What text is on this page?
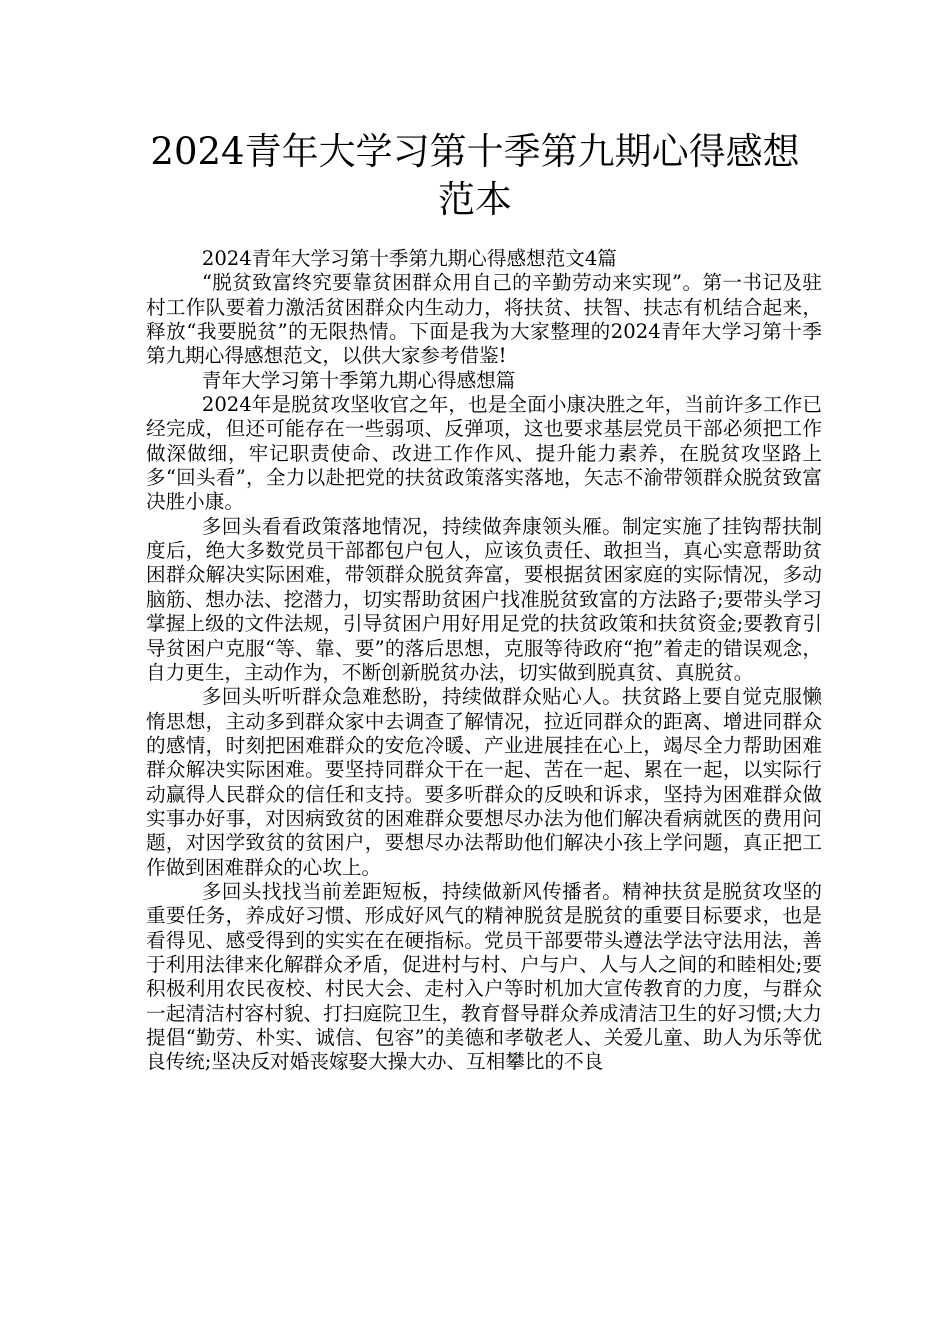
2024青年大学习第十季第九期心得感想范本

2024青年大学习第十季第九期心得感想范文4篇

“脱贫致富终究要靠贫困群众用自己的辛勤劳动来实现”。第一书记及驻村工作队要着力激活贫困群众内生动力，将扶贫、扶智、扶志有机结合起来，释放“我要脱贫”的无限热情。下面是我为大家整理的2024青年大学习第十季第九期心得感想范文，以供大家参考借鉴!

青年大学习第十季第九期心得感想篇

2024年是脱贫攻坚收官之年，也是全面小康决胜之年，当前许多工作已经完成，但还可能存在一些弱项、反弹项，这也要求基层党员干部必须把工作做深做细，牢记职责使命、改进工作作风、提升能力素养，在脱贫攻坚路上多“回头看”，全力以赴把党的扶贫政策落实落地，矢志不渝带领群众脱贫致富决胜小康。

多回头看看政策落地情况，持续做奔康领头雁。制定实施了挂钩帮扶制度后，绝大多数党员干部都包户包人，应该负责任、敢担当，真心实意帮助贫困群众解决实际困难，带领群众脱贫奔富，要根据贫困家庭的实际情况，多动脑筋、想办法、挖潜力，切实帮助贫困户找准脱贫致富的方法路子;要带头学习掌握上级的文件法规，引导贫困户用好用足党的扶贫政策和扶贫资金;要教育引导贫困户克服“等、靠、要”的落后思想，克服等待政府“抱”着走的错误观念，自力更生，主动作为，不断创新脱贫办法，切实做到脱真贫、真脱贫。

多回头听听群众急难愁盼，持续做群众贴心人。扶贫路上要自觉克服懒惰思想，主动多到群众家中去调查了解情况，拉近同群众的距离、增进同群众的感情，时刻把困难群众的安危冷暖、产业进展挂在心上，竭尽全力帮助困难群众解决实际困难。要坚持同群众干在一起、苦在一起、累在一起，以实际行动赢得人民群众的信任和支持。要多听群众的反映和诉求，坚持为困难群众做实事办好事，对因病致贫的困难群众要想尽办法为他们解决看病就医的费用问题，对因学致贫的贫困户，要想尽办法帮助他们解决小孩上学问题，真正把工作做到困难群众的心坎上。

多回头找找当前差距短板，持续做新风传播者。精神扶贫是脱贫攻坚的重要任务，养成好习惯、形成好风气的精神脱贫是脱贫的重要目标要求，也是看得见、感受得到的实实在在硬指标。党员干部要带头遵法学法守法用法，善于利用法律来化解群众矛盾，促进村与村、户与户、人与人之间的和睦相处;要积极利用农民夜校、村民大会、走村入户等时机加大宣传教育的力度，与群众一起清洁村容村貌、打扫庭院卫生，教育督导群众养成清洁卫生的好习惯;大力提倡“勤劳、朴实、诚信、包容”的美德和孝敬老人、关爱儿童、助人为乐等优良传统;坚决反对婚丧嫁娶大操大办、互相攀比的不良
